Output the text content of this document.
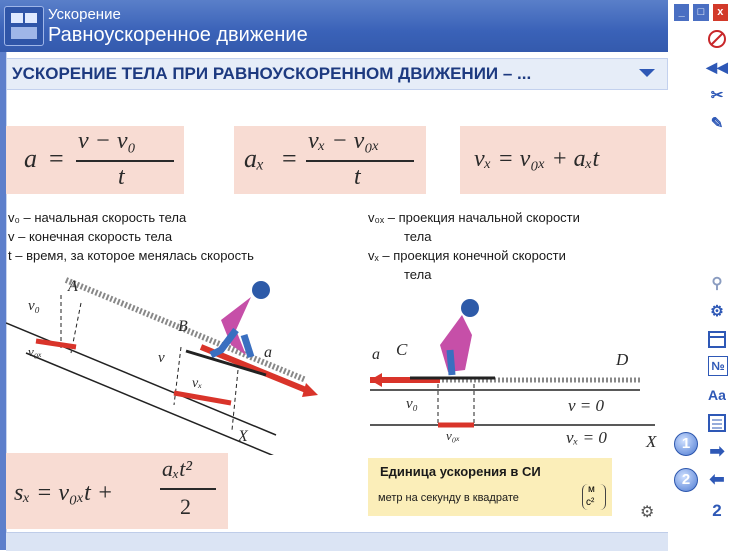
Ускорение
Равноускоренное движение
_	□	x
УСКОРЕНИЕ ТЕЛА ПРИ РАВНОУСКОРЕННОМ ДВИЖЕНИИ – ...
a =
v − v₀
t
aₓ =
vₓ − v₀ₓ
t
vₓ = v₀ₓ + aₓt
v₀ – начальная скорость тела
v – конечная скорость тела
t – время, за которое менялась скорость
v₀ₓ – проекция начальной скорости
тела
vₓ – проекция конечной скорости
тела
A
B
X
v₀
v₀ₓ	v
vₓ
a	C
D
a
v₀
v₀ₓ
v = 0
vₓ = 0 X
sₓ = v₀ₓt +
aₓt²
2
Единица ускорения в СИ
метр на секунду в квадрате
м
с²
⚙
1
2
◀◀
✂
✎
⚲
⚙
№
Aa
➡
⬅
2
